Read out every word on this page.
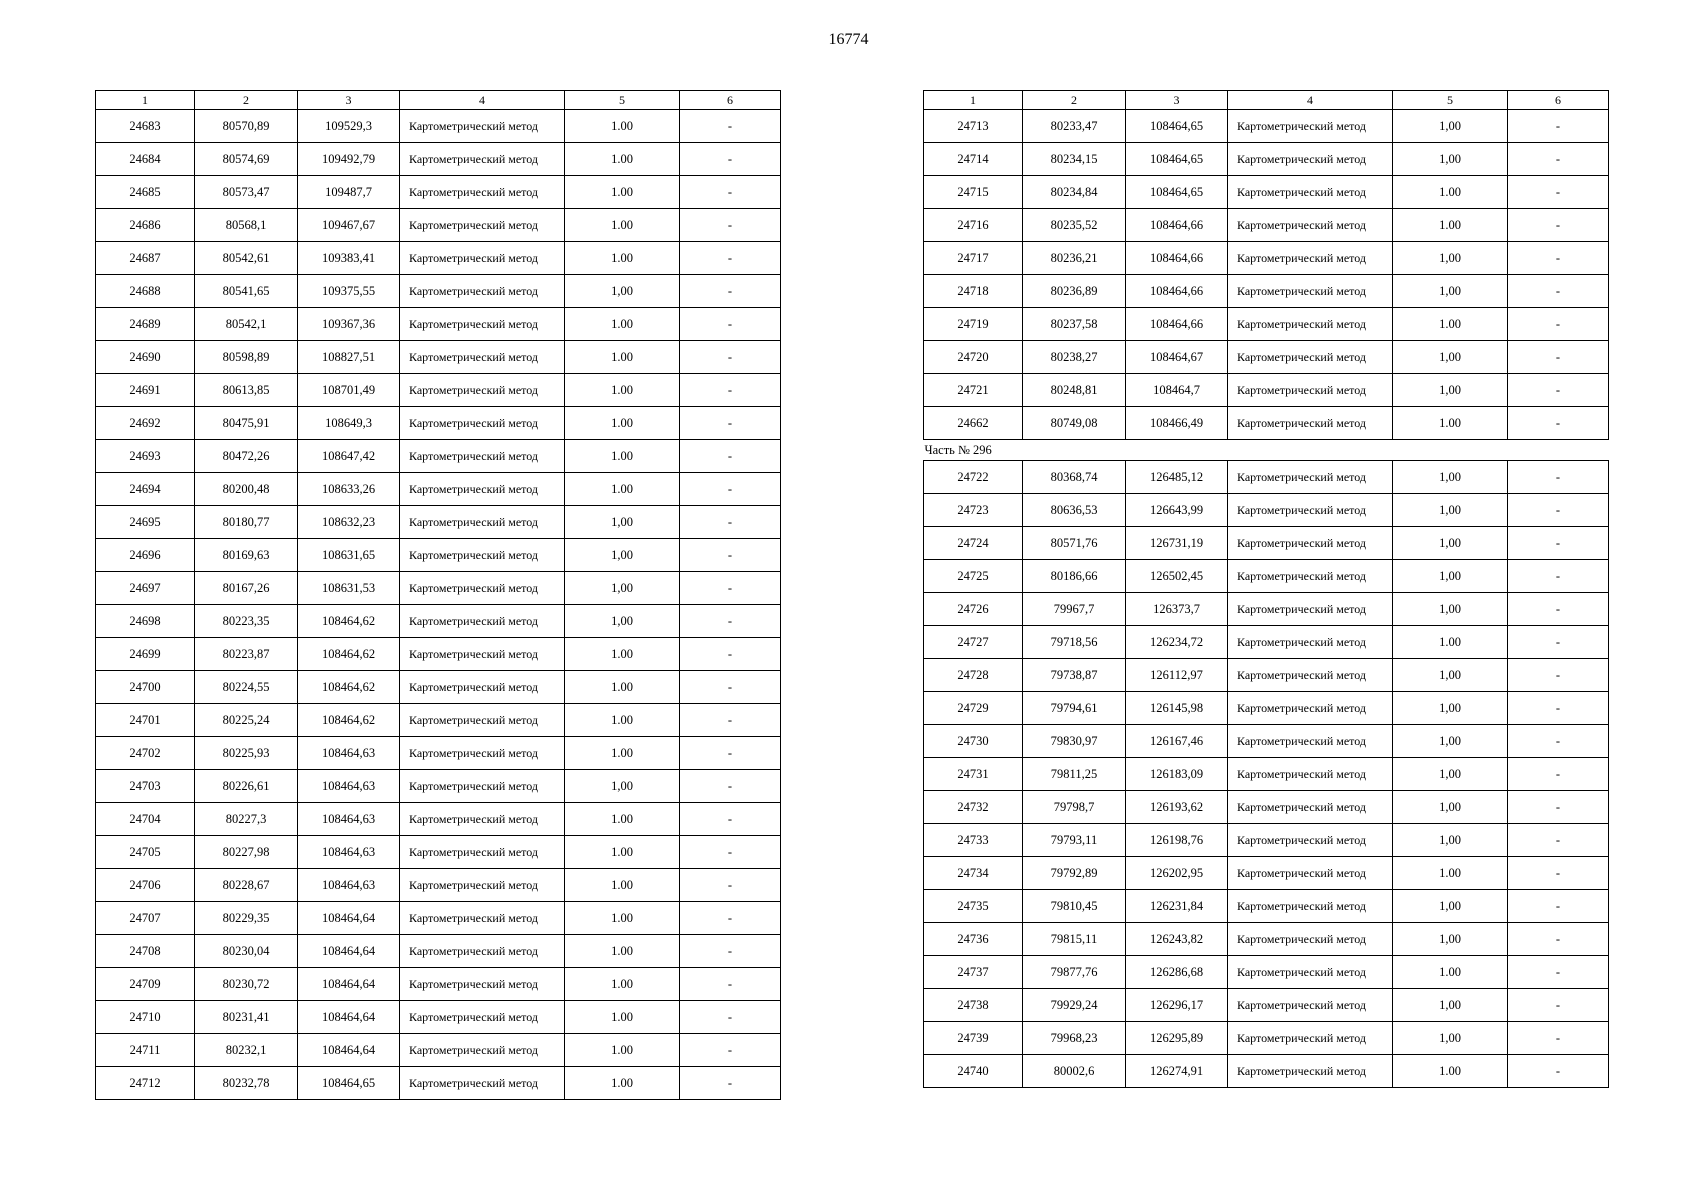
16774
1	2	3	4	5	6
24683	80570,89	109529,3	Картометрический метод	1.00	-
24684	80574,69	109492,79	Картометрический метод	1.00	-
24685	80573,47	109487,7	Картометрический метод	1.00	-
24686	80568,1	109467,67	Картометрический метод	1.00	-
24687	80542,61	109383,41	Картометрический метод	1.00	-
24688	80541,65	109375,55	Картометрический метод	1,00	-
24689	80542,1	109367,36	Картометрический метод	1.00	-
24690	80598,89	108827,51	Картометрический метод	1.00	-
24691	80613,85	108701,49	Картометрический метод	1.00	-
24692	80475,91	108649,3	Картометрический метод	1.00	-
24693	80472,26	108647,42	Картометрический метод	1.00	-
24694	80200,48	108633,26	Картометрический метод	1.00	-
24695	80180,77	108632,23	Картометрический метод	1,00	-
24696	80169,63	108631,65	Картометрический метод	1,00	-
24697	80167,26	108631,53	Картометрический метод	1,00	-
24698	80223,35	108464,62	Картометрический метод	1,00	-
24699	80223,87	108464,62	Картометрический метод	1.00	-
24700	80224,55	108464,62	Картометрический метод	1.00	-
24701	80225,24	108464,62	Картометрический метод	1.00	-
24702	80225,93	108464,63	Картометрический метод	1.00	-
24703	80226,61	108464,63	Картометрический метод	1,00	-
24704	80227,3	108464,63	Картометрический метод	1.00	-
24705	80227,98	108464,63	Картометрический метод	1.00	-
24706	80228,67	108464,63	Картометрический метод	1.00	-
24707	80229,35	108464,64	Картометрический метод	1.00	-
24708	80230,04	108464,64	Картометрический метод	1.00	-
24709	80230,72	108464,64	Картометрический метод	1.00	-
24710	80231,41	108464,64	Картометрический метод	1.00	-
24711	80232,1	108464,64	Картометрический метод	1.00	-
24712	80232,78	108464,65	Картометрический метод	1.00	-
1	2	3	4	5	6
24713	80233,47	108464,65	Картометрический метод	1,00	-
24714	80234,15	108464,65	Картометрический метод	1,00	-
24715	80234,84	108464,65	Картометрический метод	1.00	-
24716	80235,52	108464,66	Картометрический метод	1.00	-
24717	80236,21	108464,66	Картометрический метод	1,00	-
24718	80236,89	108464,66	Картометрический метод	1,00	-
24719	80237,58	108464,66	Картометрический метод	1.00	-
24720	80238,27	108464,67	Картометрический метод	1,00	-
24721	80248,81	108464,7	Картометрический метод	1,00	-
24662	80749,08	108466,49	Картометрический метод	1.00	-
Часть № 296					
24722	80368,74	126485,12	Картометрический метод	1,00	-
24723	80636,53	126643,99	Картометрический метод	1,00	-
24724	80571,76	126731,19	Картометрический метод	1,00	-
24725	80186,66	126502,45	Картометрический метод	1,00	-
24726	79967,7	126373,7	Картометрический метод	1,00	-
24727	79718,56	126234,72	Картометрический метод	1.00	-
24728	79738,87	126112,97	Картометрический метод	1,00	-
24729	79794,61	126145,98	Картометрический метод	1,00	-
24730	79830,97	126167,46	Картометрический метод	1,00	-
24731	79811,25	126183,09	Картометрический метод	1,00	-
24732	79798,7	126193,62	Картометрический метод	1,00	-
24733	79793,11	126198,76	Картометрический метод	1,00	-
24734	79792,89	126202,95	Картометрический метод	1.00	-
24735	79810,45	126231,84	Картометрический метод	1,00	-
24736	79815,11	126243,82	Картометрический метод	1,00	-
24737	79877,76	126286,68	Картометрический метод	1.00	-
24738	79929,24	126296,17	Картометрический метод	1,00	-
24739	79968,23	126295,89	Картометрический метод	1,00	-
24740	80002,6	126274,91	Картометрический метод	1.00	-
